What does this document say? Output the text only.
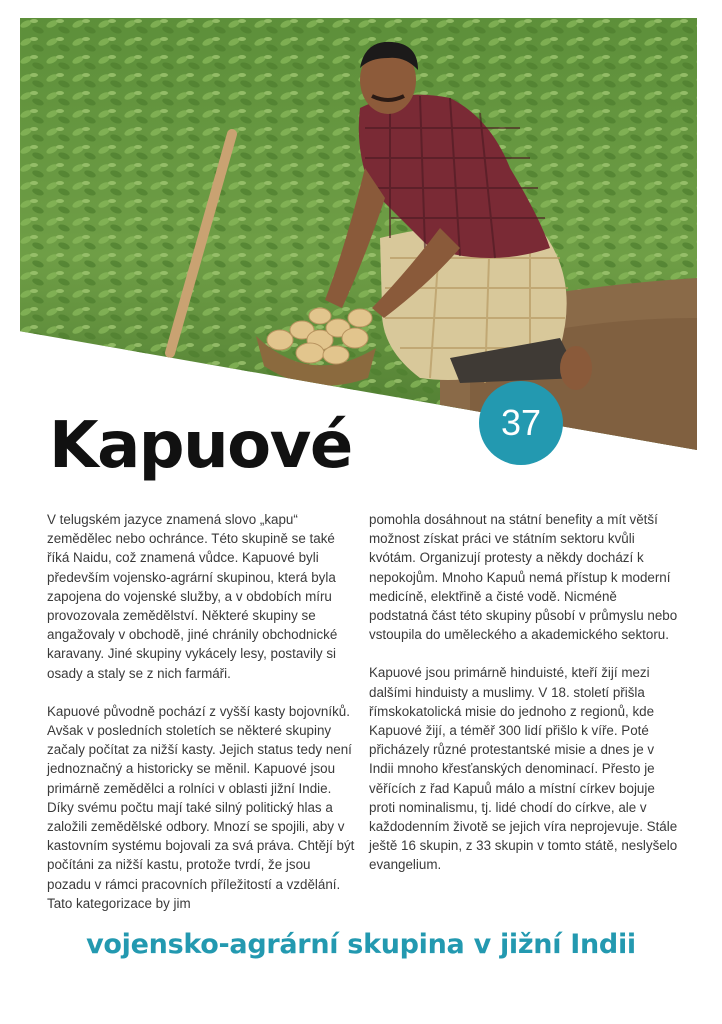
37
Kapuové

V telugském jazyce znamená slovo „kapu“ zemědělec nebo ochránce. Této skupině se také říká Naidu, což znamená vůdce. Kapuové byli především vojensko-agrární skupinou, která byla zapojena do vojenské služby, a v obdobích míru provozovala zemědělství. Některé skupiny se angažovaly v obchodě, jiné chránily obchodnické karavany. Jiné skupiny vykácely lesy, postavily si osady a staly se z nich farmáři.

Kapuové původně pochází z vyšší kasty bojovníků. Avšak v posledních stoletích se některé skupiny začaly počítat za nižší kasty. Jejich status tedy není jednoznačný a historicky se měnil. Kapuové jsou primárně zemědělci a rolníci v oblasti jižní Indie. Díky svému počtu mají také silný politický hlas a založili zemědělské odbory. Mnozí se spojili, aby v kastovním systému bojovali za svá práva. Chtějí být počítáni za nižší kastu, protože tvrdí, že jsou pozadu v rámci pracovních příležitostí a vzdělání. Tato kategorizace by jim

pomohla dosáhnout na státní benefity a mít větší možnost získat práci ve státním sektoru kvůli kvótám. Organizují protesty a někdy dochází k nepokojům. Mnoho Kapuů nemá přístup k moderní medicíně, elektřině a čisté vodě. Nicméně podstatná část této skupiny působí v průmyslu nebo vstoupila do uměleckého a akademického sektoru.

Kapuové jsou primárně hinduisté, kteří žijí mezi dalšími hinduisty a muslimy. V 18. století přišla římskokatolická misie do jednoho z regionů, kde Kapuové žijí, a téměř 300 lidí přišlo k víře. Poté přicházely různé protestantské misie a dnes je v Indii mnoho křesťanských denominací. Přesto je věřících z řad Kapuů málo a místní církev bojuje proti nominalismu, tj. lidé chodí do církve, ale v každodenním životě se jejich víra neprojevuje. Stále ještě 16 skupin, z 33 skupin v tomto státě, neslyšelo evangelium.

vojensko-agrární skupina v jižní Indii
